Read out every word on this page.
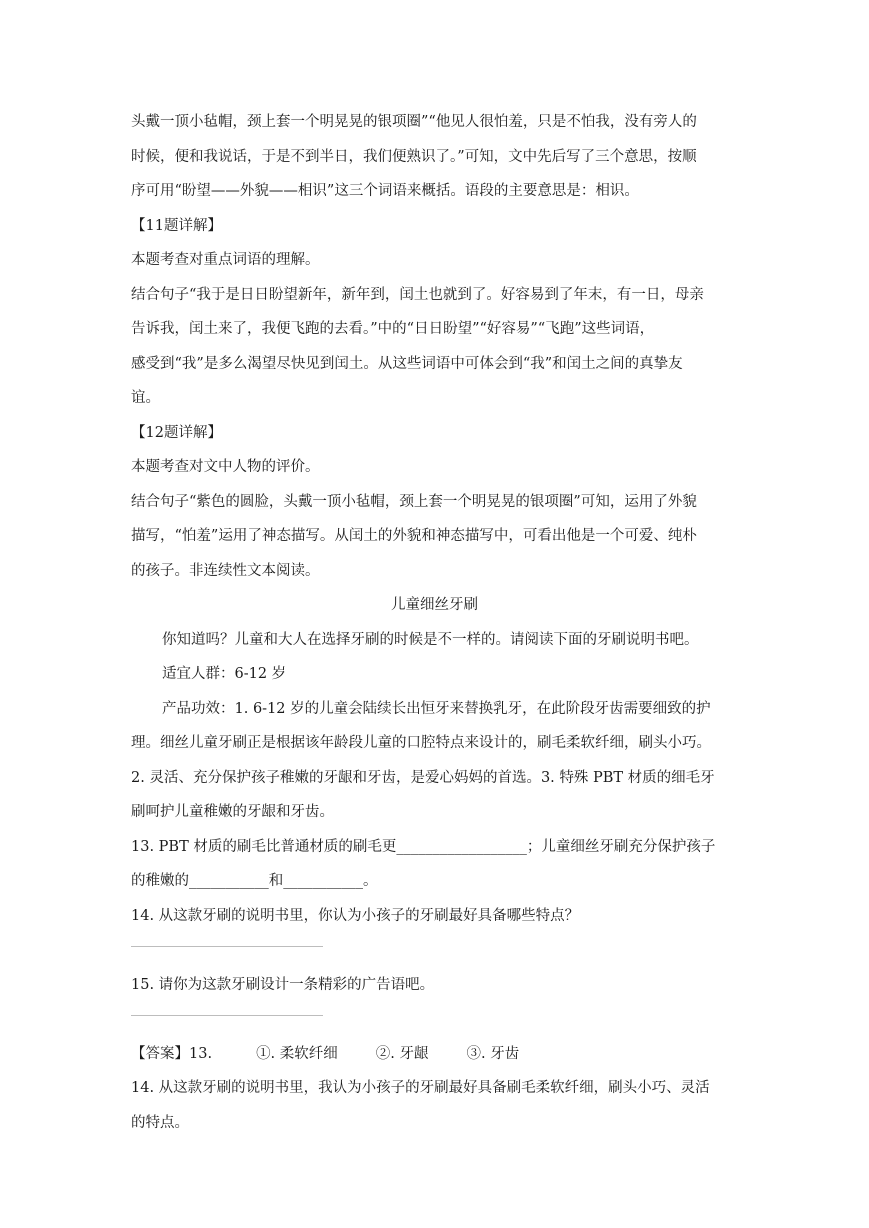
头戴一顶小毡帽，颈上套一个明晃晃的银项圈”“他见人很怕羞，只是不怕我，没有旁人的
时候，便和我说话，于是不到半日，我们便熟识了。”可知，文中先后写了三个意思，按顺
序可用“盼望——外貌——相识”这三个词语来概括。语段的主要意思是：相识。
【11题详解】
本题考查对重点词语的理解。
结合句子“我于是日日盼望新年，新年到，闰土也就到了。好容易到了年末，有一日，母亲
告诉我，闰土来了，我便飞跑的去看。”中的“日日盼望”“好容易”“飞跑”这些词语，
感受到“我”是多么渴望尽快见到闰土。从这些词语中可体会到“我”和闰土之间的真挚友
谊。
【12题详解】
本题考查对文中人物的评价。
结合句子“紫色的圆脸，头戴一顶小毡帽，颈上套一个明晃晃的银项圈”可知，运用了外貌
描写，“怕羞”运用了神态描写。从闰土的外貌和神态描写中，可看出他是一个可爱、纯朴
的孩子。非连续性文本阅读。
儿童细丝牙刷
你知道吗？儿童和大人在选择牙刷的时候是不一样的。请阅读下面的牙刷说明书吧。
适宜人群：6-12 岁
产品功效：1. 6-12 岁的儿童会陆续长出恒牙来替换乳牙，在此阶段牙齿需要细致的护
理。细丝儿童牙刷正是根据该年龄段儿童的口腔特点来设计的，刷毛柔软纤细，刷头小巧。
2. 灵活、充分保护孩子稚嫩的牙龈和牙齿，是爱心妈妈的首选。3. 特殊 PBT 材质的细毛牙
刷呵护儿童稚嫩的牙龈和牙齿。
13. PBT 材质的刷毛比普通材质的刷毛更__________________；儿童细丝牙刷充分保护孩子
的稚嫩的___________和___________。
14. 从这款牙刷的说明书里，你认为小孩子的牙刷最好具备哪些特点？
15. 请你为这款牙刷设计一条精彩的广告语吧。
【答案】13.	①. 柔软纤细	②. 牙龈	③. 牙齿
14. 从这款牙刷的说明书里，我认为小孩子的牙刷最好具备刷毛柔软纤细，刷头小巧、灵活
的特点。
